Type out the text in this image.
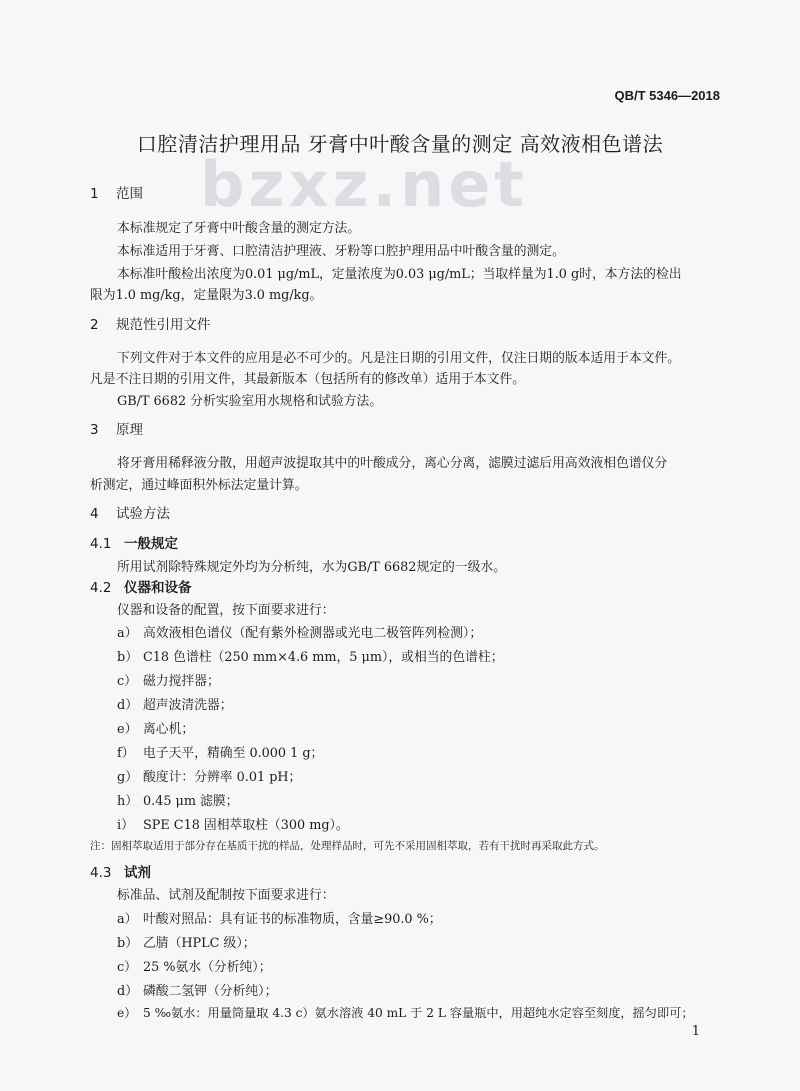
bzxz.net
QB/T 5346—2018
口腔清洁护理用品 牙膏中叶酸含量的测定 高效液相色谱法
1 范围
本标准规定了牙膏中叶酸含量的测定方法。
本标准适用于牙膏、口腔清洁护理液、牙粉等口腔护理用品中叶酸含量的测定。
本标准叶酸检出浓度为0.01 μg/mL，定量浓度为0.03 μg/mL；当取样量为1.0 g时，本方法的检出
限为1.0 mg/kg，定量限为3.0 mg/kg。
2 规范性引用文件
下列文件对于本文件的应用是必不可少的。凡是注日期的引用文件，仅注日期的版本适用于本文件。
凡是不注日期的引用文件，其最新版本（包括所有的修改单）适用于本文件。
GB/T 6682 分析实验室用水规格和试验方法。
3 原理
将牙膏用稀释液分散，用超声波提取其中的叶酸成分，离心分离，滤膜过滤后用高效液相色谱仪分
析测定，通过峰面积外标法定量计算。
4 试验方法
4.1 一般规定
所用试剂除特殊规定外均为分析纯，水为GB/T 6682规定的一级水。
4.2 仪器和设备
仪器和设备的配置，按下面要求进行：
a） 高效液相色谱仪（配有紫外检测器或光电二极管阵列检测）；
b） C18 色谱柱（250 mm×4.6 mm，5 μm），或相当的色谱柱；
c） 磁力搅拌器；
d） 超声波清洗器；
e） 离心机；
f） 电子天平，精确至 0.000 1 g；
g） 酸度计：分辨率 0.01 pH；
h） 0.45 μm 滤膜；
i） SPE C18 固相萃取柱（300 mg）。
注：固相萃取适用于部分存在基质干扰的样品，处理样品时，可先不采用固相萃取，若有干扰时再采取此方式。
4.3 试剂
标准品、试剂及配制按下面要求进行：
a） 叶酸对照品：具有证书的标准物质，含量≥90.0 %；
b） 乙腈（HPLC 级）；
c） 25 %氨水（分析纯）；
d） 磷酸二氢钾（分析纯）；
e） 5 ‰氨水：用量筒量取 4.3 c）氨水溶液 40 mL 于 2 L 容量瓶中，用超纯水定容至刻度，摇匀即可；
1
